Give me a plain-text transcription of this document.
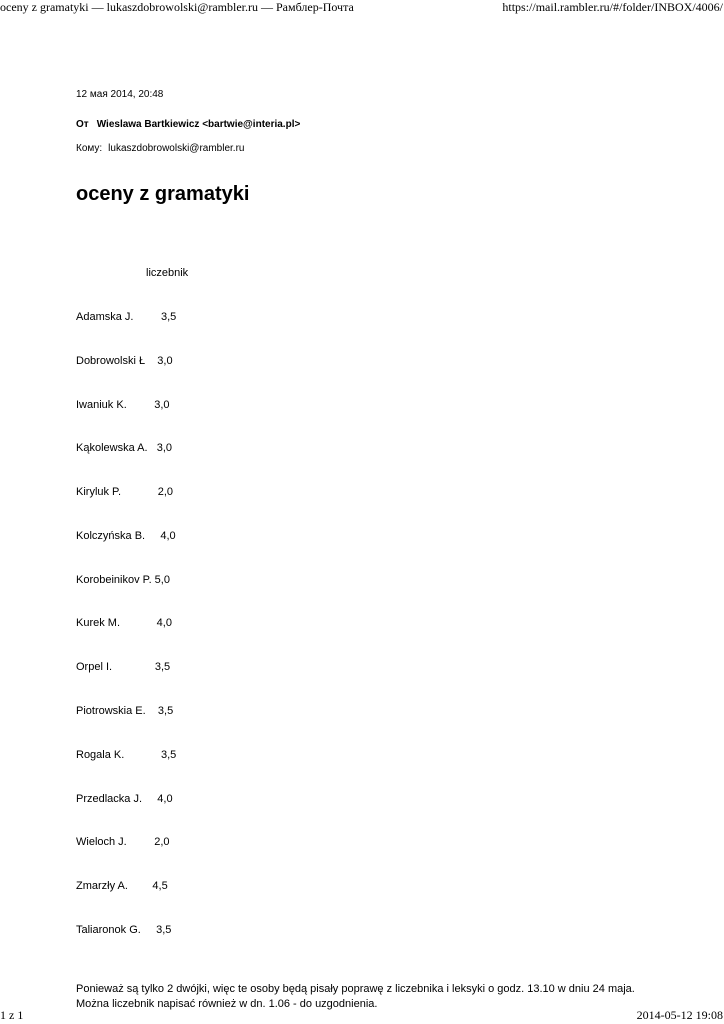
oceny z gramatyki — lukaszdobrowolski@rambler.ru — Рамблер-Почта	https://mail.rambler.ru/#/folder/INBOX/4006/
12 мая 2014, 20:48
От Wieslawa Bartkiewicz <bartwie@interia.pl>
Кому: lukaszdobrowolski@rambler.ru
oceny z gramatyki

liczebnik

Adamska J.         3,5

Dobrowolski Ł    3,0

Iwaniuk K.         3,0

Kąkolewska A.   3,0

Kiryluk P.            2,0

Kolczyńska B.     4,0

Korobeinikov P. 5,0

Kurek M.            4,0

Orpel I.              3,5

Piotrowskia E.    3,5

Rogala K.            3,5

Przedlacka J.     4,0

Wieloch J.         2,0

Zmarzły A.        4,5

Taliaronok G.     3,5

Ponieważ są tylko 2 dwójki, więc te osoby będą pisały poprawę z liczebnika i leksyki o godz. 13.10 w dniu 24 maja.
Można liczebnik napisać również w dn. 1.06 - do uzgodnienia.
1 z 1	2014-05-12 19:08
